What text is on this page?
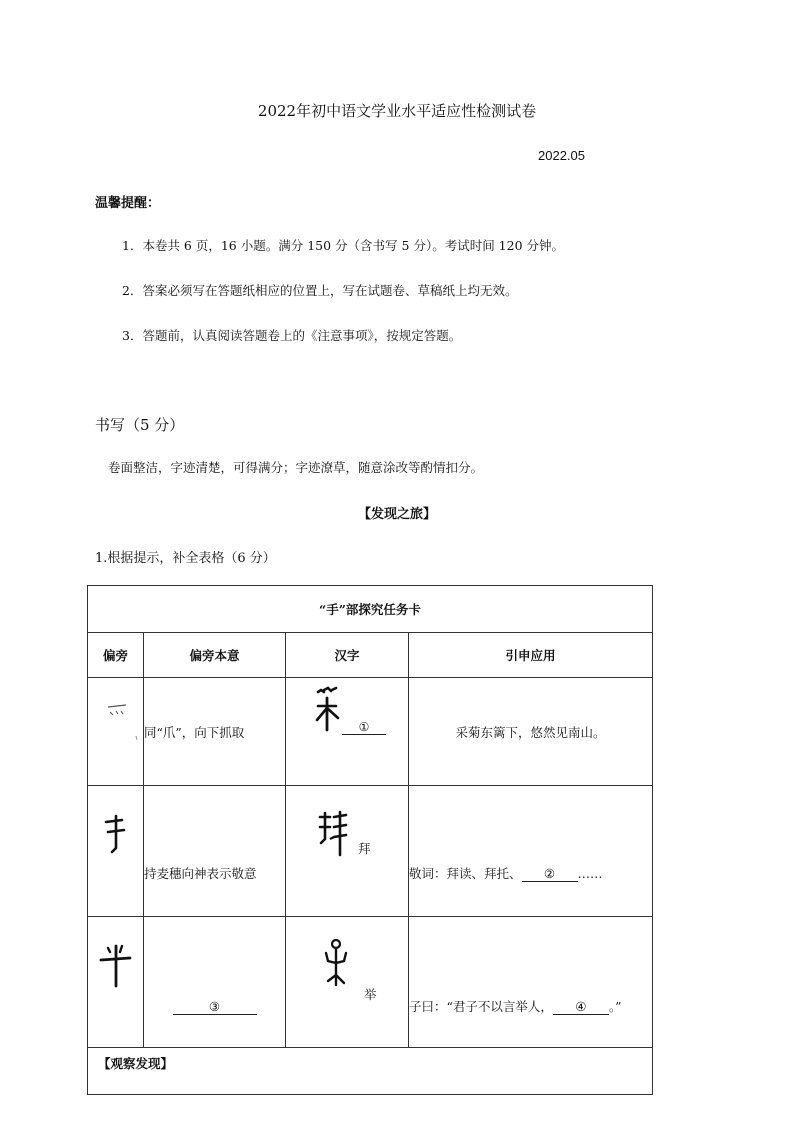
2022年初中语文学业水平适应性检测试卷
2022.05
温馨提醒：
1．本卷共 6 页，16 小题。满分 150 分（含书写 5 分）。考试时间 120 分钟。
2．答案必须写在答题纸相应的位置上，写在试题卷、草稿纸上均无效。
3．答题前，认真阅读答题卷上的《注意事项》，按规定答题。
书写（5 分）
卷面整洁，字迹清楚，可得满分；字迹潦草，随意涂改等酌情扣分。
【发现之旅】
1.根据提示，补全表格（6 分）
“手”部探究任务卡			
偏旁	偏旁本意	汉字	引申应用
	同“爪”，向下抓取	①	采菊东篱下，悠然见南山。
	持麦穗向神表示敬意	拜	敬词：拜读、拜托、 ② ……
	③	举	子曰：“君子不以言举人， ④ 。”
【观察发现】			
